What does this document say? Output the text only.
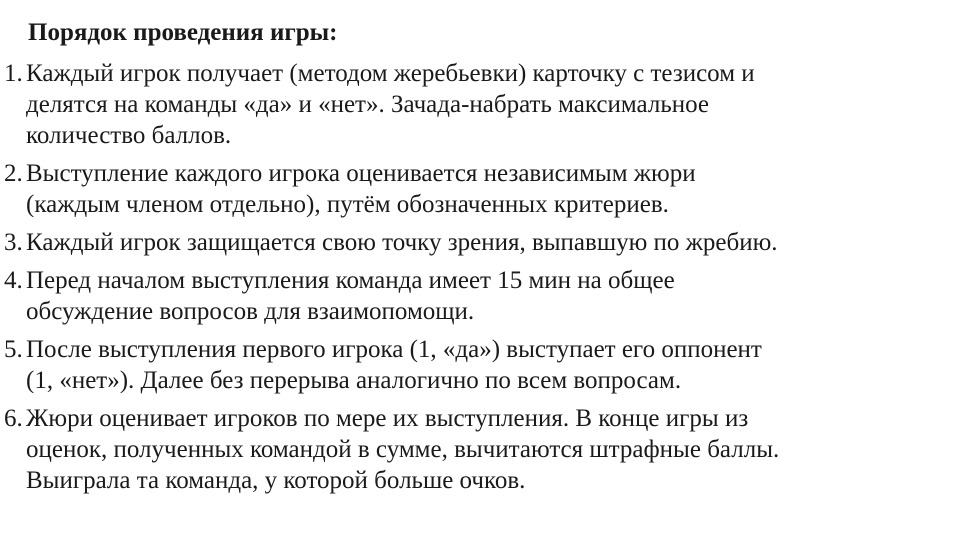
Порядок проведения игры:
1. Каждый игрок получает (методом жеребьевки) карточку с тезисом и
делятся на команды «да» и «нет». Зачада-набрать максимальное
количество баллов.
2. Выступление каждого игрока оценивается независимым жюри
(каждым членом отдельно), путём обозначенных критериев.
3. Каждый игрок защищается свою точку зрения, выпавшую по жребию.
4. Перед началом выступления команда имеет 15 мин на общее
обсуждение вопросов для взаимопомощи.
5. После выступления первого игрока (1, «да») выступает его оппонент
(1, «нет»). Далее без перерыва аналогично по всем вопросам.
6. Жюри оценивает игроков по мере их выступления. В конце игры из
оценок, полученных командой в сумме, вычитаются штрафные баллы.
Выиграла та команда, у которой больше очков.
